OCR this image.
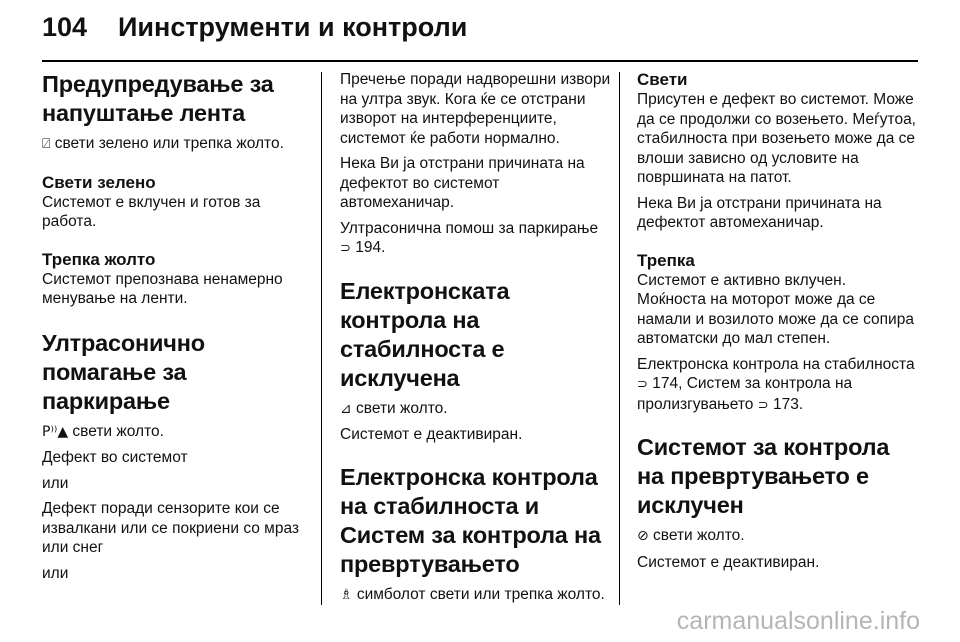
104 Иинструменти и контроли
Предупредување за напуштање лента

⍁ свети зелено или трепка жолто.

Свети зелено

Системот е вклучен и готов за работа.

Трепка жолто

Системот препознава ненамерно менување на ленти.

Ултрасонично помагање за паркирање

P⁾⁾▲ свети жолто.

Дефект во системот

или

Дефект поради сензорите кои се извалкани или се покриени со мраз или снег

или

Пречење поради надворешни извори на ултра звук. Кога ќе се отстрани изворот на интерференциите, системот ќе работи нормално.

Нека Ви ја отстрани причината на дефектот во системот автомеханичар.

Ултрасонична помош за паркирање ⊃ 194.

Електронската контрола на стабилноста е исклучена

⊿ свети жолто.

Системот е деактивиран.

Електронска контрола на стабилноста и Систем за контрола на превртувањето

♗ симболот свети или трепка жолто.

Свети

Присутен е дефект во системот. Може да се продолжи со возењето. Меѓутоа, стабилноста при возењето може да се влоши зависно од условите на површината на патот.

Нека Ви ја отстрани причината на дефектот автомеханичар.

Трепка

Системот е активно вклучен. Моќноста на моторот може да се намали и возилото може да се сопира автоматски до мал степен.

Електронска контрола на стабилноста ⊃ 174, Систем за контрола на пролизгувањето ⊃ 173.

Системот за контрола на превртувањето е исклучен

⊘ свети жолто.

Системот е деактивиран.

carmanualsonline.info
